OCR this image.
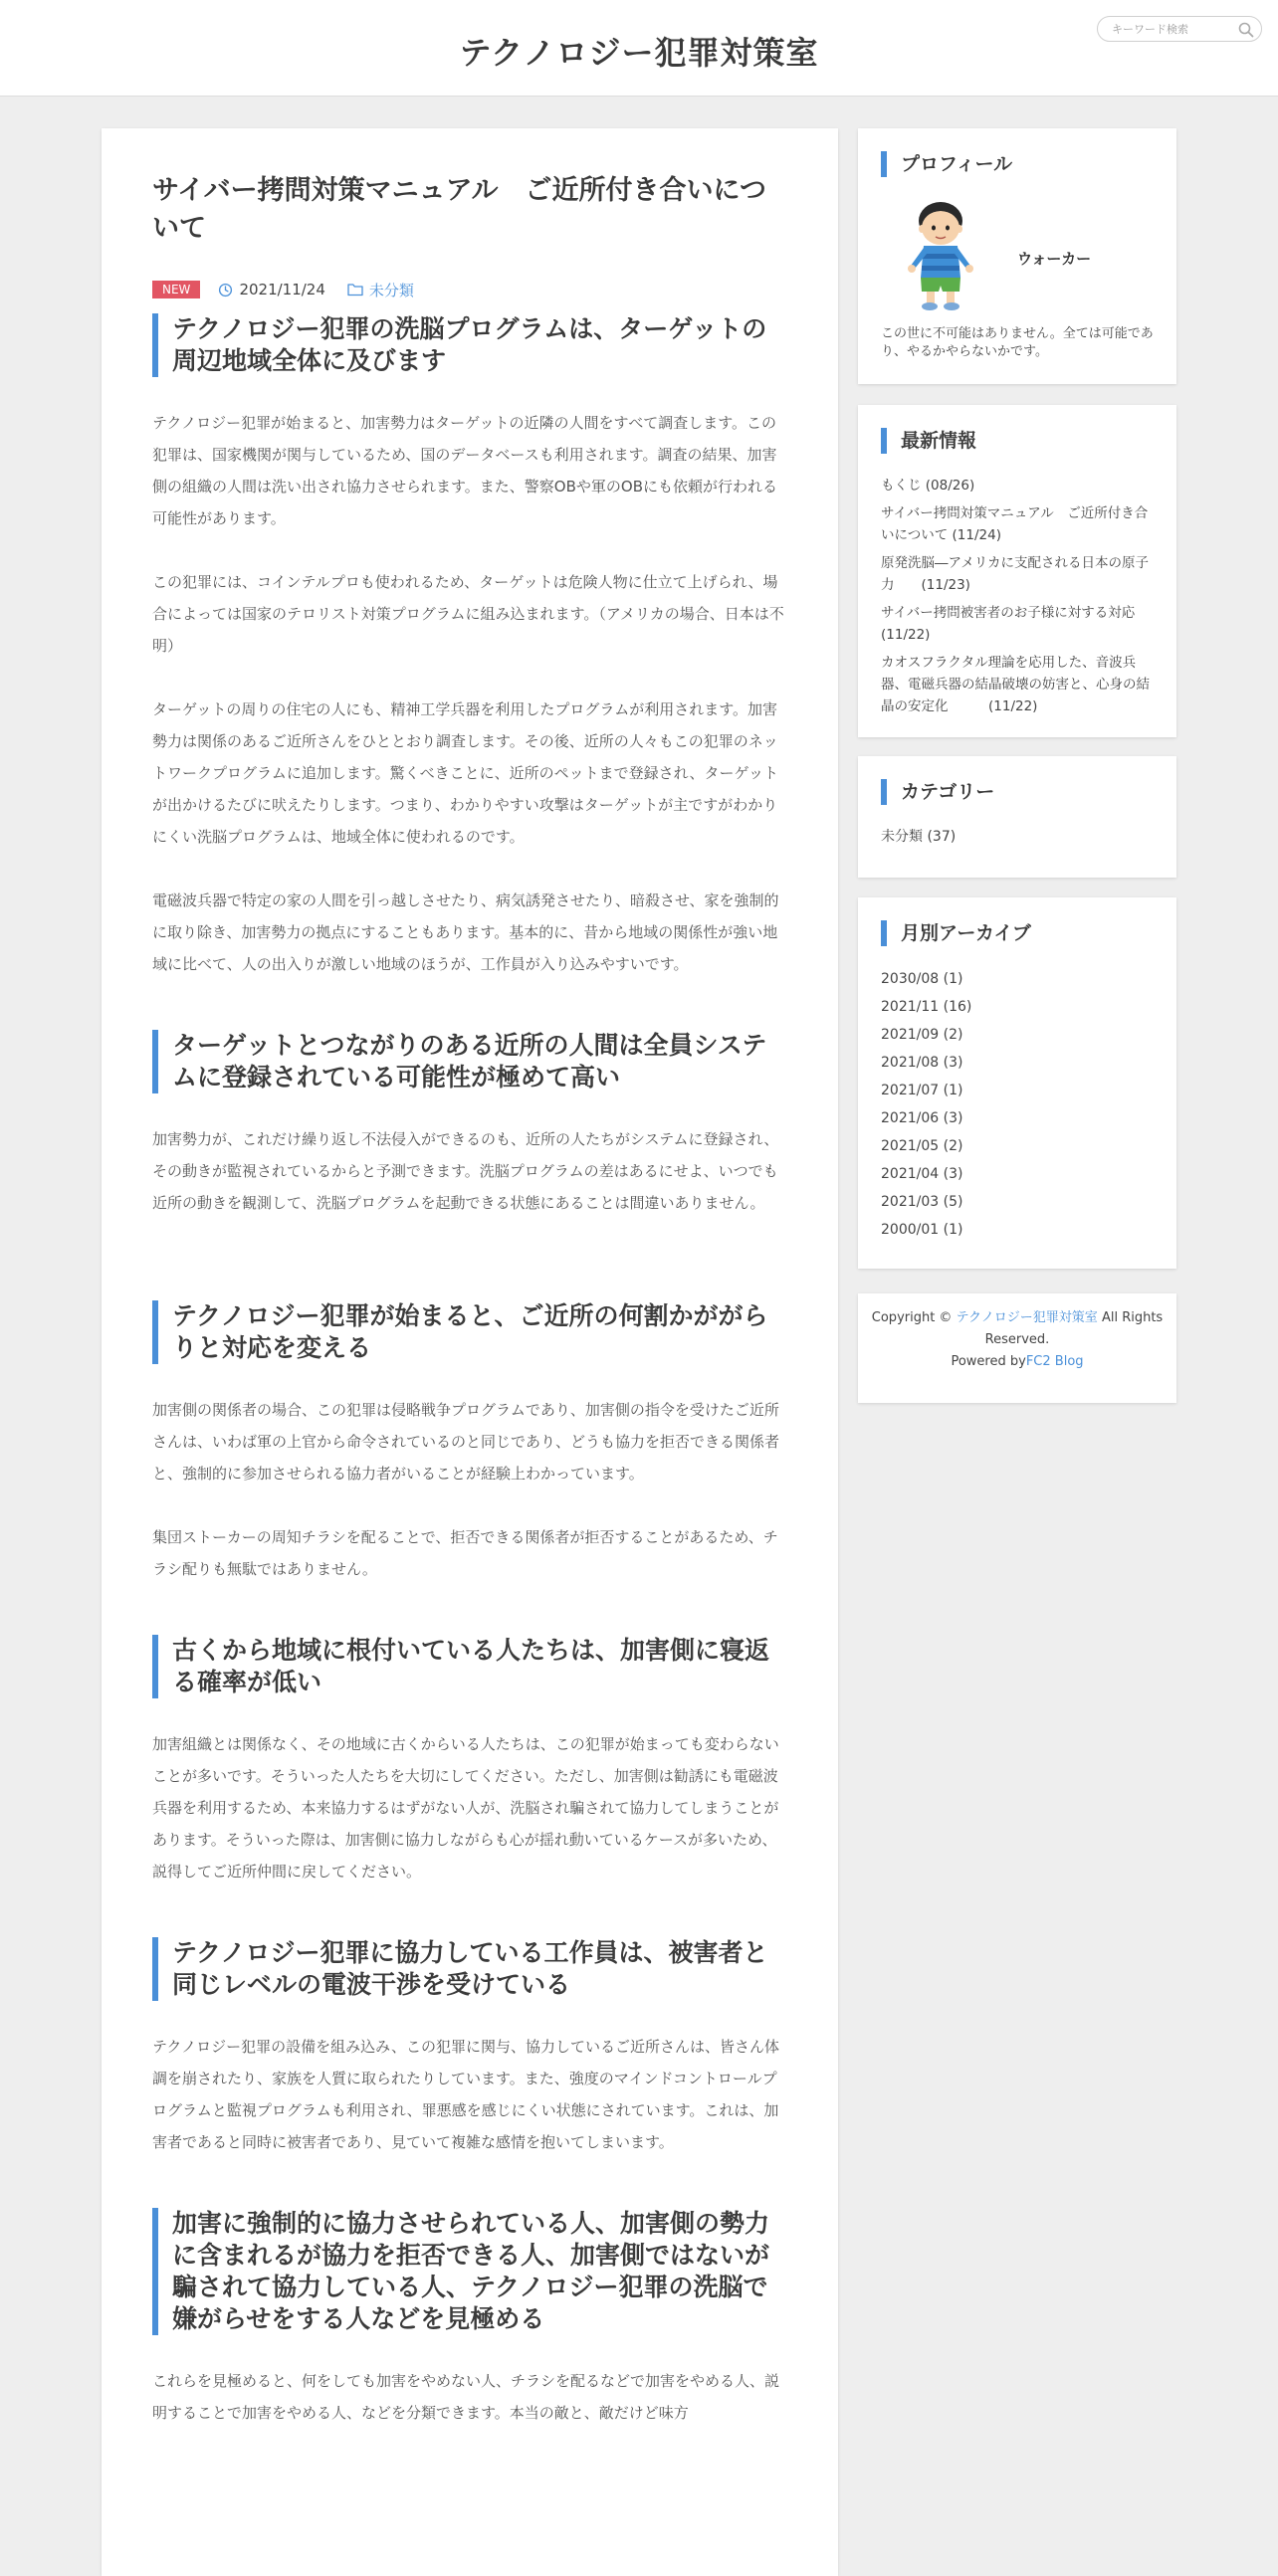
テクノロジー犯罪対策室
キーワード検索
サイバー拷問対策マニュアル　ご近所付き合いについて
NEW	2021/11/24	未分類
テクノロジー犯罪の洗脳プログラムは、ターゲットの周辺地域全体に及びます

テクノロジー犯罪が始まると、加害勢力はターゲットの近隣の人間をすべて調査します。この犯罪は、国家機関が関与しているため、国のデータベースも利用されます。調査の結果、加害側の組織の人間は洗い出され協力させられます。また、警察OBや軍のOBにも依頼が行われる可能性があります。

この犯罪には、コインテルプロも使われるため、ターゲットは危険人物に仕立て上げられ、場合によっては国家のテロリスト対策プログラムに組み込まれます。（アメリカの場合、日本は不明）

ターゲットの周りの住宅の人にも、精神工学兵器を利用したプログラムが利用されます。加害勢力は関係のあるご近所さんをひととおり調査します。その後、近所の人々もこの犯罪のネットワークプログラムに追加します。驚くべきことに、近所のペットまで登録され、ターゲットが出かけるたびに吠えたりします。つまり、わかりやすい攻撃はターゲットが主ですがわかりにくい洗脳プログラムは、地域全体に使われるのです。

電磁波兵器で特定の家の人間を引っ越しさせたり、病気誘発させたり、暗殺させ、家を強制的に取り除き、加害勢力の拠点にすることもあります。基本的に、昔から地域の関係性が強い地域に比べて、人の出入りが激しい地域のほうが、工作員が入り込みやすいです。

ターゲットとつながりのある近所の人間は全員システムに登録されている可能性が極めて高い

加害勢力が、これだけ繰り返し不法侵入ができるのも、近所の人たちがシステムに登録され、その動きが監視されているからと予測できます。洗脳プログラムの差はあるにせよ、いつでも近所の動きを観測して、洗脳プログラムを起動できる状態にあることは間違いありません。

テクノロジー犯罪が始まると、ご近所の何割かががらりと対応を変える

加害側の関係者の場合、この犯罪は侵略戦争プログラムであり、加害側の指令を受けたご近所さんは、いわば軍の上官から命令されているのと同じであり、どうも協力を拒否できる関係者と、強制的に参加させられる協力者がいることが経験上わかっています。

集団ストーカーの周知チラシを配ることで、拒否できる関係者が拒否することがあるため、チラシ配りも無駄ではありません。

古くから地域に根付いている人たちは、加害側に寝返る確率が低い

加害組織とは関係なく、その地域に古くからいる人たちは、この犯罪が始まっても変わらないことが多いです。そういった人たちを大切にしてください。ただし、加害側は勧誘にも電磁波兵器を利用するため、本来協力するはずがない人が、洗脳され騙されて協力してしまうことがあります。そういった際は、加害側に協力しながらも心が揺れ動いているケースが多いため、説得してご近所仲間に戻してください。

テクノロジー犯罪に協力している工作員は、被害者と同じレベルの電波干渉を受けている

テクノロジー犯罪の設備を組み込み、この犯罪に関与、協力しているご近所さんは、皆さん体調を崩されたり、家族を人質に取られたりしています。また、強度のマインドコントロールプログラムと監視プログラムも利用され、罪悪感を感じにくい状態にされています。これは、加害者であると同時に被害者であり、見ていて複雑な感情を抱いてしまいます。

加害に強制的に協力させられている人、加害側の勢力に含まれるが協力を拒否できる人、加害側ではないが騙されて協力している人、テクノロジー犯罪の洗脳で嫌がらせをする人などを見極める

これらを見極めると、何をしても加害をやめない人、チラシを配るなどで加害をやめる人、説明することで加害をやめる人、などを分類できます。本当の敵と、敵だけど味方

プロフィール
ウォーカー
この世に不可能はありません。全ては可能であり、やるかやらないかです。
最新情報
もくじ (08/26)
サイバー拷問対策マニュアル　ご近所付き合いについて (11/24)
原発洗脳―アメリカに支配される日本の原子力　　(11/23)
サイバー拷問被害者のお子様に対する対応 (11/22)
カオスフラクタル理論を応用した、音波兵器、電磁兵器の結晶破壊の妨害と、心身の結晶の安定化　　　(11/22)
カテゴリー
未分類 (37)
月別アーカイブ
2030/08 (1)
2021/11 (16)
2021/09 (2)
2021/08 (3)
2021/07 (1)
2021/06 (3)
2021/05 (2)
2021/04 (3)
2021/03 (5)
2000/01 (1)
Copyright © テクノロジー犯罪対策室 All Rights Reserved.
Powered byFC2 Blog
